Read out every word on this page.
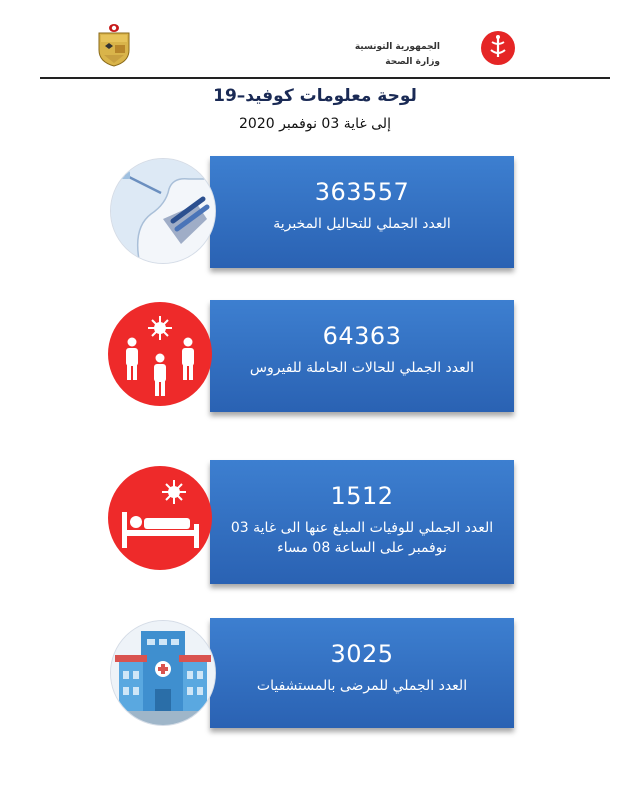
الجمهورية التونسية
وزارة الصحة
لوحة معلومات كوفيد–19
إلى غاية 03 نوفمبر 2020
363557
العدد الجملي للتحاليل المخبرية
64363
العدد الجملي للحالات الحاملة للفيروس
1512
العدد الجملي للوفيات المبلغ عنها الى غاية 03 نوفمبر على الساعة 08 مساء
3025
العدد الجملي للمرضى بالمستشفيات
